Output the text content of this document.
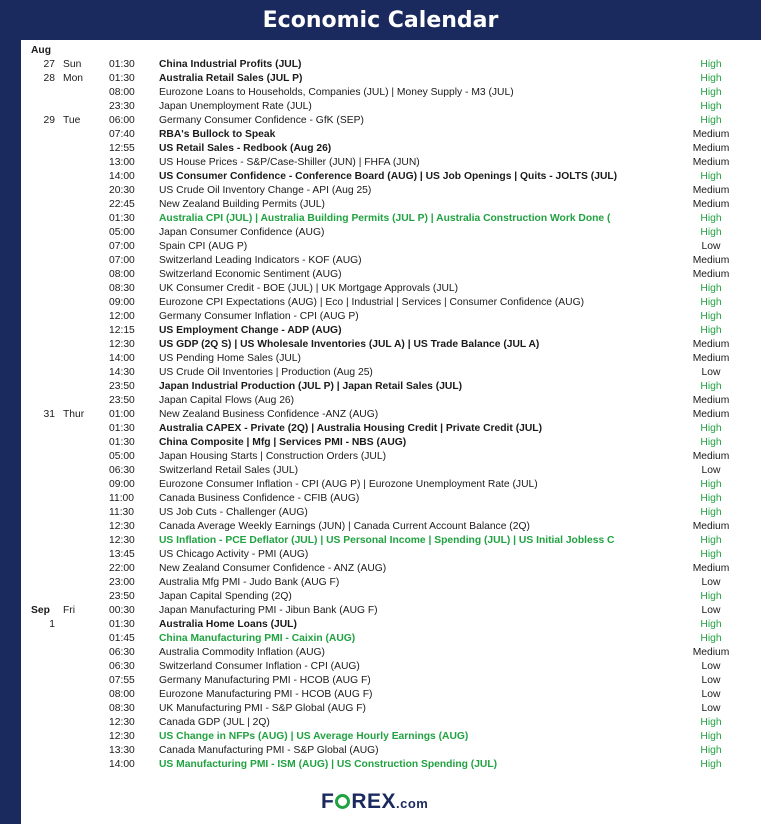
Economic Calendar
Aug
27 Sun	01:30 China Industrial Profits (JUL)	High
28 Mon	01:30 Australia Retail Sales (JUL P)	High
08:00 Eurozone Loans to Households, Companies (JUL) | Money Supply - M3 (JUL)	High
23:30 Japan Unemployment Rate (JUL)	High
29 Tue	06:00 Germany Consumer Confidence - GfK (SEP)	High
07:40 RBA's Bullock to Speak	Medium
12:55 US Retail Sales - Redbook (Aug 26)	Medium
13:00 US House Prices - S&P/Case-Shiller (JUN) | FHFA (JUN)	Medium
14:00 US Consumer Confidence - Conference Board (AUG) | US Job Openings | Quits - JOLTS (JUL)	High
20:30 US Crude Oil Inventory Change - API (Aug 25)	Medium
22:45 New Zealand Building Permits (JUL)	Medium
01:30 Australia CPI (JUL) | Australia Building Permits (JUL P) | Australia Construction Work Done (	High
05:00 Japan Consumer Confidence (AUG)	High
07:00 Spain CPI (AUG P)	Low
07:00 Switzerland Leading Indicators - KOF (AUG)	Medium
08:00 Switzerland Economic Sentiment (AUG)	Medium
08:30 UK Consumer Credit - BOE (JUL) | UK Mortgage Approvals (JUL)	High
09:00 Eurozone CPI Expectations (AUG) | Eco | Industrial | Services | Consumer Confidence (AUG)	High
12:00 Germany Consumer Inflation - CPI (AUG P)	High
12:15 US Employment Change - ADP (AUG)	High
12:30 US GDP (2Q S) | US Wholesale Inventories (JUL A) | US Trade Balance (JUL A)	Medium
14:00 US Pending Home Sales (JUL)	Medium
14:30 US Crude Oil Inventories | Production (Aug 25)	Low
23:50 Japan Industrial Production (JUL P) | Japan Retail Sales (JUL)	High
23:50 Japan Capital Flows (Aug 26)	Medium
31 Thur 01:00 New Zealand Business Confidence -ANZ (AUG)	Medium
01:30 Australia CAPEX - Private (2Q) | Australia Housing Credit | Private Credit (JUL)	High
01:30 China Composite | Mfg | Services PMI - NBS (AUG)	High
05:00 Japan Housing Starts | Construction Orders (JUL)	Medium
06:30 Switzerland Retail Sales (JUL)	Low
09:00 Eurozone Consumer Inflation - CPI (AUG P) | Eurozone Unemployment Rate (JUL)	High
11:00 Canada Business Confidence - CFIB (AUG)	High
11:30 US Job Cuts - Challenger (AUG)	High
12:30 Canada Average Weekly Earnings (JUN) | Canada Current Account Balance (2Q)	Medium
12:30 US Inflation - PCE Deflator (JUL) | US Personal Income | Spending (JUL) | US Initial Jobless C	High
13:45 US Chicago Activity - PMI (AUG)	High
22:00 New Zealand Consumer Confidence - ANZ (AUG)	Medium
23:00 Australia Mfg PMI - Judo Bank (AUG F)	Low
23:50 Japan Capital Spending (2Q)	High
Sep Fri	00:30 Japan Manufacturing PMI - Jibun Bank (AUG F)	Low
1	01:30 Australia Home Loans (JUL)	High
01:45 China Manufacturing PMI - Caixin (AUG)	High
06:30 Australia Commodity Inflation (AUG)	Medium
06:30 Switzerland Consumer Inflation - CPI (AUG)	Low
07:55 Germany Manufacturing PMI - HCOB (AUG F)	Low
08:00 Eurozone Manufacturing PMI - HCOB (AUG F)	Low
08:30 UK Manufacturing PMI - S&P Global (AUG F)	Low
12:30 Canada GDP (JUL | 2Q)	High
12:30 US Change in NFPs (AUG) | US Average Hourly Earnings (AUG)	High
13:30 Canada Manufacturing PMI - S&P Global (AUG)	High
14:00 US Manufacturing PMI - ISM (AUG) | US Construction Spending (JUL)	High
F REX.com
